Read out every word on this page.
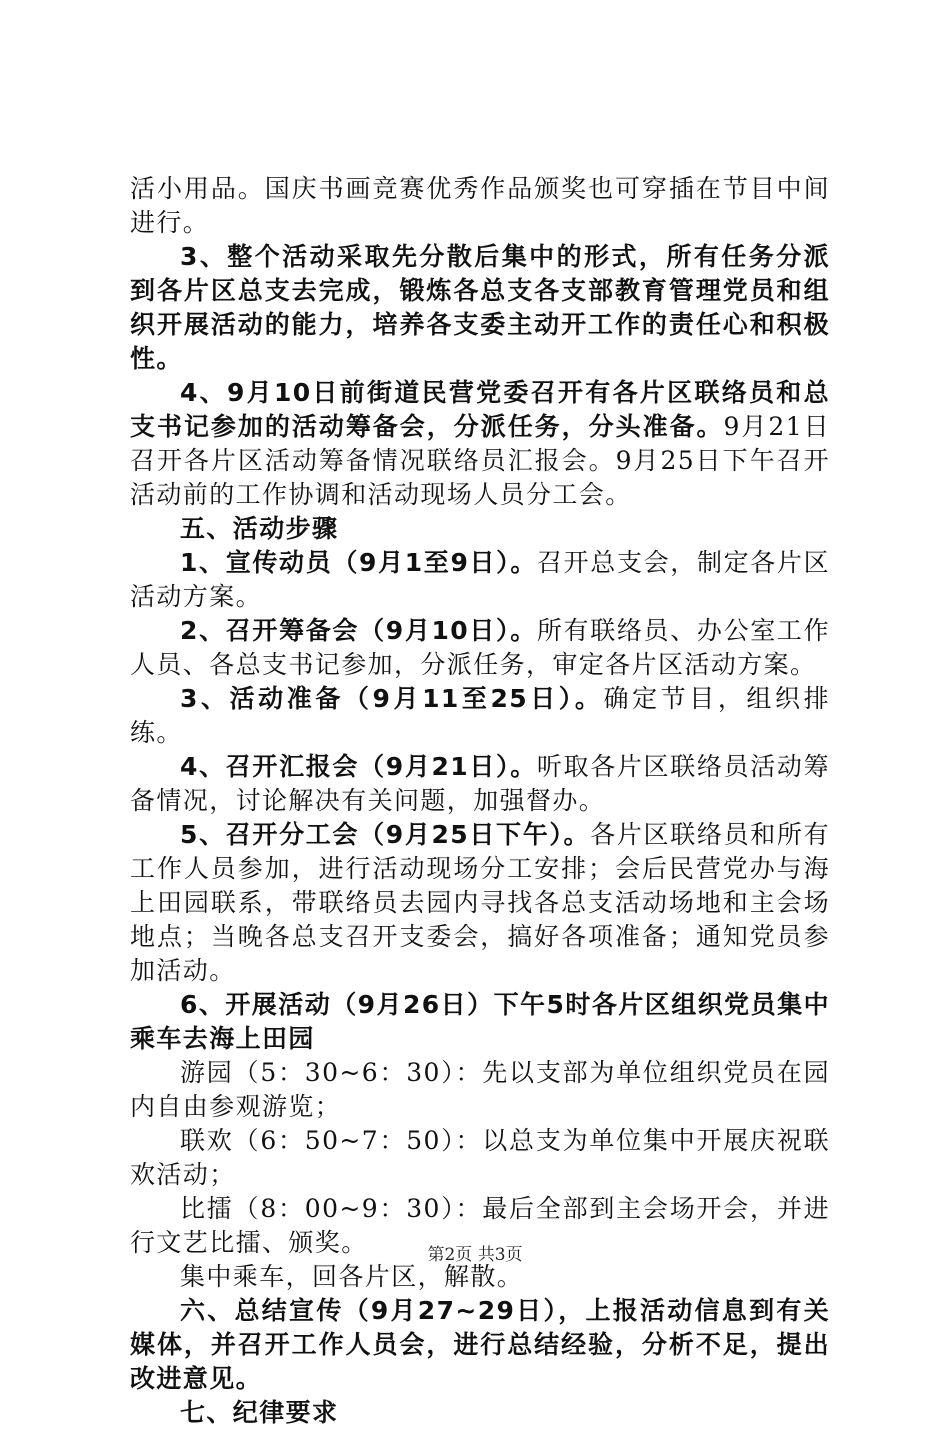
活小用品。国庆书画竞赛优秀作品颁奖也可穿插在节目中间进行。

3、整个活动采取先分散后集中的形式，所有任务分派到各片区总支去完成，锻炼各总支各支部教育管理党员和组织开展活动的能力，培养各支委主动开工作的责任心和积极性。

4、9月10日前街道民营党委召开有各片区联络员和总支书记参加的活动筹备会，分派任务，分头准备。9月21日召开各片区活动筹备情况联络员汇报会。9月25日下午召开活动前的工作协调和活动现场人员分工会。

五、活动步骤

1、宣传动员（9月1至9日）。召开总支会，制定各片区活动方案。

2、召开筹备会（9月10日）。所有联络员、办公室工作人员、各总支书记参加，分派任务，审定各片区活动方案。

3、活动准备（9月11至25日）。确定节目，组织排练。

4、召开汇报会（9月21日）。听取各片区联络员活动筹备情况，讨论解决有关问题，加强督办。

5、召开分工会（9月25日下午）。各片区联络员和所有工作人员参加，进行活动现场分工安排；会后民营党办与海上田园联系，带联络员去园内寻找各总支活动场地和主会场地点；当晚各总支召开支委会，搞好各项准备；通知党员参加活动。

6、开展活动（9月26日）下午5时各片区组织党员集中乘车去海上田园

游园（5：30~6：30）：先以支部为单位组织党员在园内自由参观游览；

联欢（6：50~7：50）：以总支为单位集中开展庆祝联欢活动；

比擂（8：00~9：30）：最后全部到主会场开会，并进行文艺比擂、颁奖。

集中乘车，回各片区，解散。

六、总结宣传（9月27~29日），上报活动信息到有关媒体，并召开工作人员会，进行总结经验，分析不足，提出改进意见。

七、纪律要求

第2页 共3页
